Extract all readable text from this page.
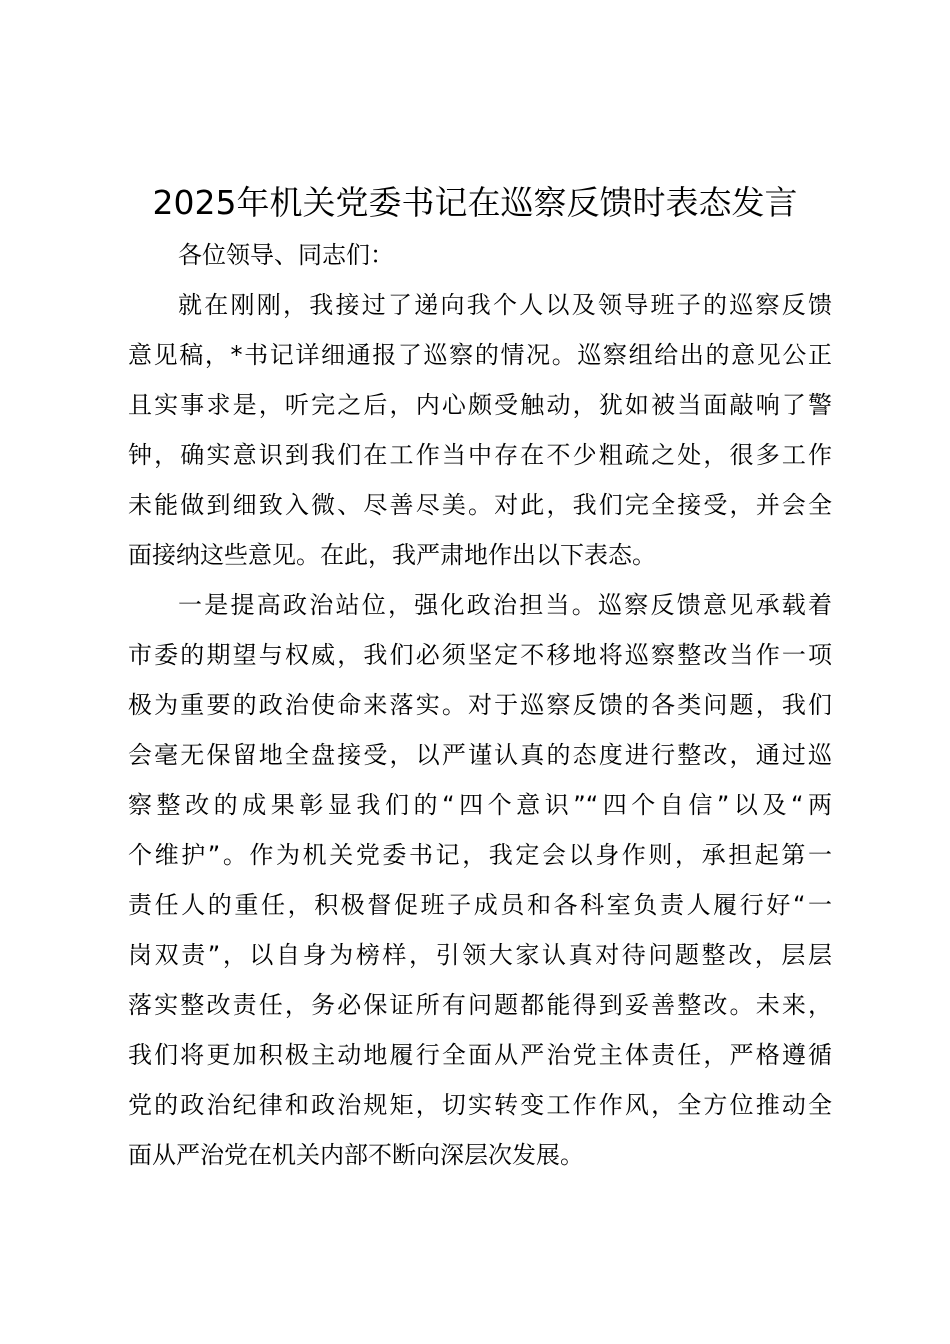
2025年机关党委书记在巡察反馈时表态发言
各位领导、同志们：
就在刚刚，我接过了递向我个人以及领导班子的巡察反馈
意见稿，*书记详细通报了巡察的情况。巡察组给出的意见公正
且实事求是，听完之后，内心颇受触动，犹如被当面敲响了警
钟，确实意识到我们在工作当中存在不少粗疏之处，很多工作
未能做到细致入微、尽善尽美。对此，我们完全接受，并会全
面接纳这些意见。在此，我严肃地作出以下表态。
一是提高政治站位，强化政治担当。巡察反馈意见承载着
市委的期望与权威，我们必须坚定不移地将巡察整改当作一项
极为重要的政治使命来落实。对于巡察反馈的各类问题，我们
会毫无保留地全盘接受，以严谨认真的态度进行整改，通过巡
察整改的成果彰显我们的“四个意识”“四个自信”以及“两
个维护”。作为机关党委书记，我定会以身作则，承担起第一
责任人的重任，积极督促班子成员和各科室负责人履行好“一
岗双责”，以自身为榜样，引领大家认真对待问题整改，层层
落实整改责任，务必保证所有问题都能得到妥善整改。未来，
我们将更加积极主动地履行全面从严治党主体责任，严格遵循
党的政治纪律和政治规矩，切实转变工作作风，全方位推动全
面从严治党在机关内部不断向深层次发展。
